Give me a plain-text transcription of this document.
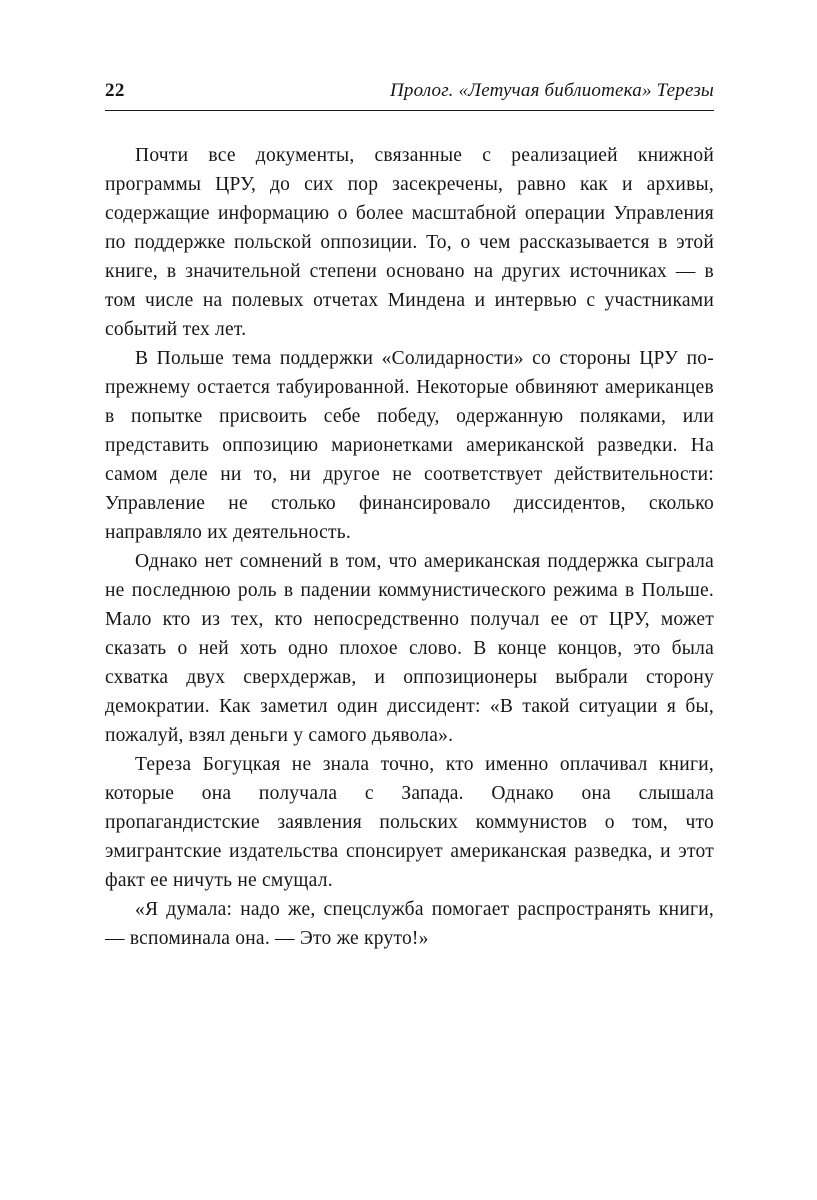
22	Пролог. «Летучая библиотека» Терезы

Почти все документы, связанные с реализацией книжной программы ЦРУ, до сих пор засекречены, равно как и архивы, содержащие информацию о более масштабной операции Управления по поддержке польской оппозиции. То, о чем рассказывается в этой книге, в значительной степени основано на других источниках — в том числе на полевых отчетах Миндена и интервью с участниками событий тех лет.

В Польше тема поддержки «Солидарности» со стороны ЦРУ по-прежнему остается табуированной. Некоторые обвиняют американцев в попытке присвоить себе победу, одержанную поляками, или представить оппозицию марионетками американской разведки. На самом деле ни то, ни другое не соответствует действительности: Управление не столько финансировало диссидентов, сколько направляло их деятельность.

Однако нет сомнений в том, что американская поддержка сыграла не последнюю роль в падении коммунистического режима в Польше. Мало кто из тех, кто непосредственно получал ее от ЦРУ, может сказать о ней хоть одно плохое слово. В конце концов, это была схватка двух сверхдержав, и оппозиционеры выбрали сторону демократии. Как заметил один диссидент: «В такой ситуации я бы, пожалуй, взял деньги у самого дьявола».

Тереза Богуцкая не знала точно, кто именно оплачивал книги, которые она получала с Запада. Однако она слышала пропагандистские заявления польских коммунистов о том, что эмигрантские издательства спонсирует американская разведка, и этот факт ее ничуть не смущал.

«Я думала: надо же, спецслужба помогает распространять книги, — вспоминала она. — Это же круто!»
